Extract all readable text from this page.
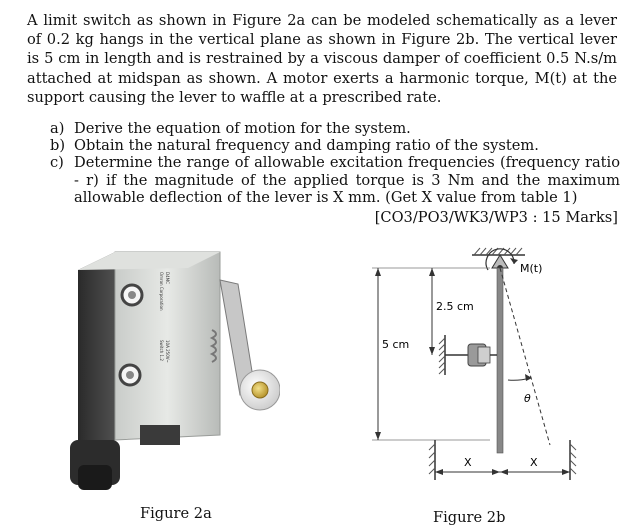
A limit switch as shown in Figure 2a can be modeled schematically as a lever of 0.2 kg hangs in the vertical plane as shown in Figure 2b. The vertical lever is 5 cm in length and is restrained by a viscous damper of coefficient 0.5 N.s/m attached at midspan as shown. A motor exerts a harmonic torque, M(t) at the support causing the lever to waffle at a prescribed rate.
a) Derive the equation of motion for the system.
b) Obtain the natural frequency and damping ratio of the system.
c) Determine the range of allowable excitation frequencies (frequency ratio - r) if the magnitude of the applied torque is 3 Nm and the maximum allowable deflection of the lever is X mm. (Get X value from table 1)
[CO3/PO3/WK3/WP3 : 15 Marks]
D4MC
Omron Corporation
10A 250V~
Switch 1.2
Figure 2a
M(t)
θ
5 cm
2.5 cm
X	X
Figure 2b
